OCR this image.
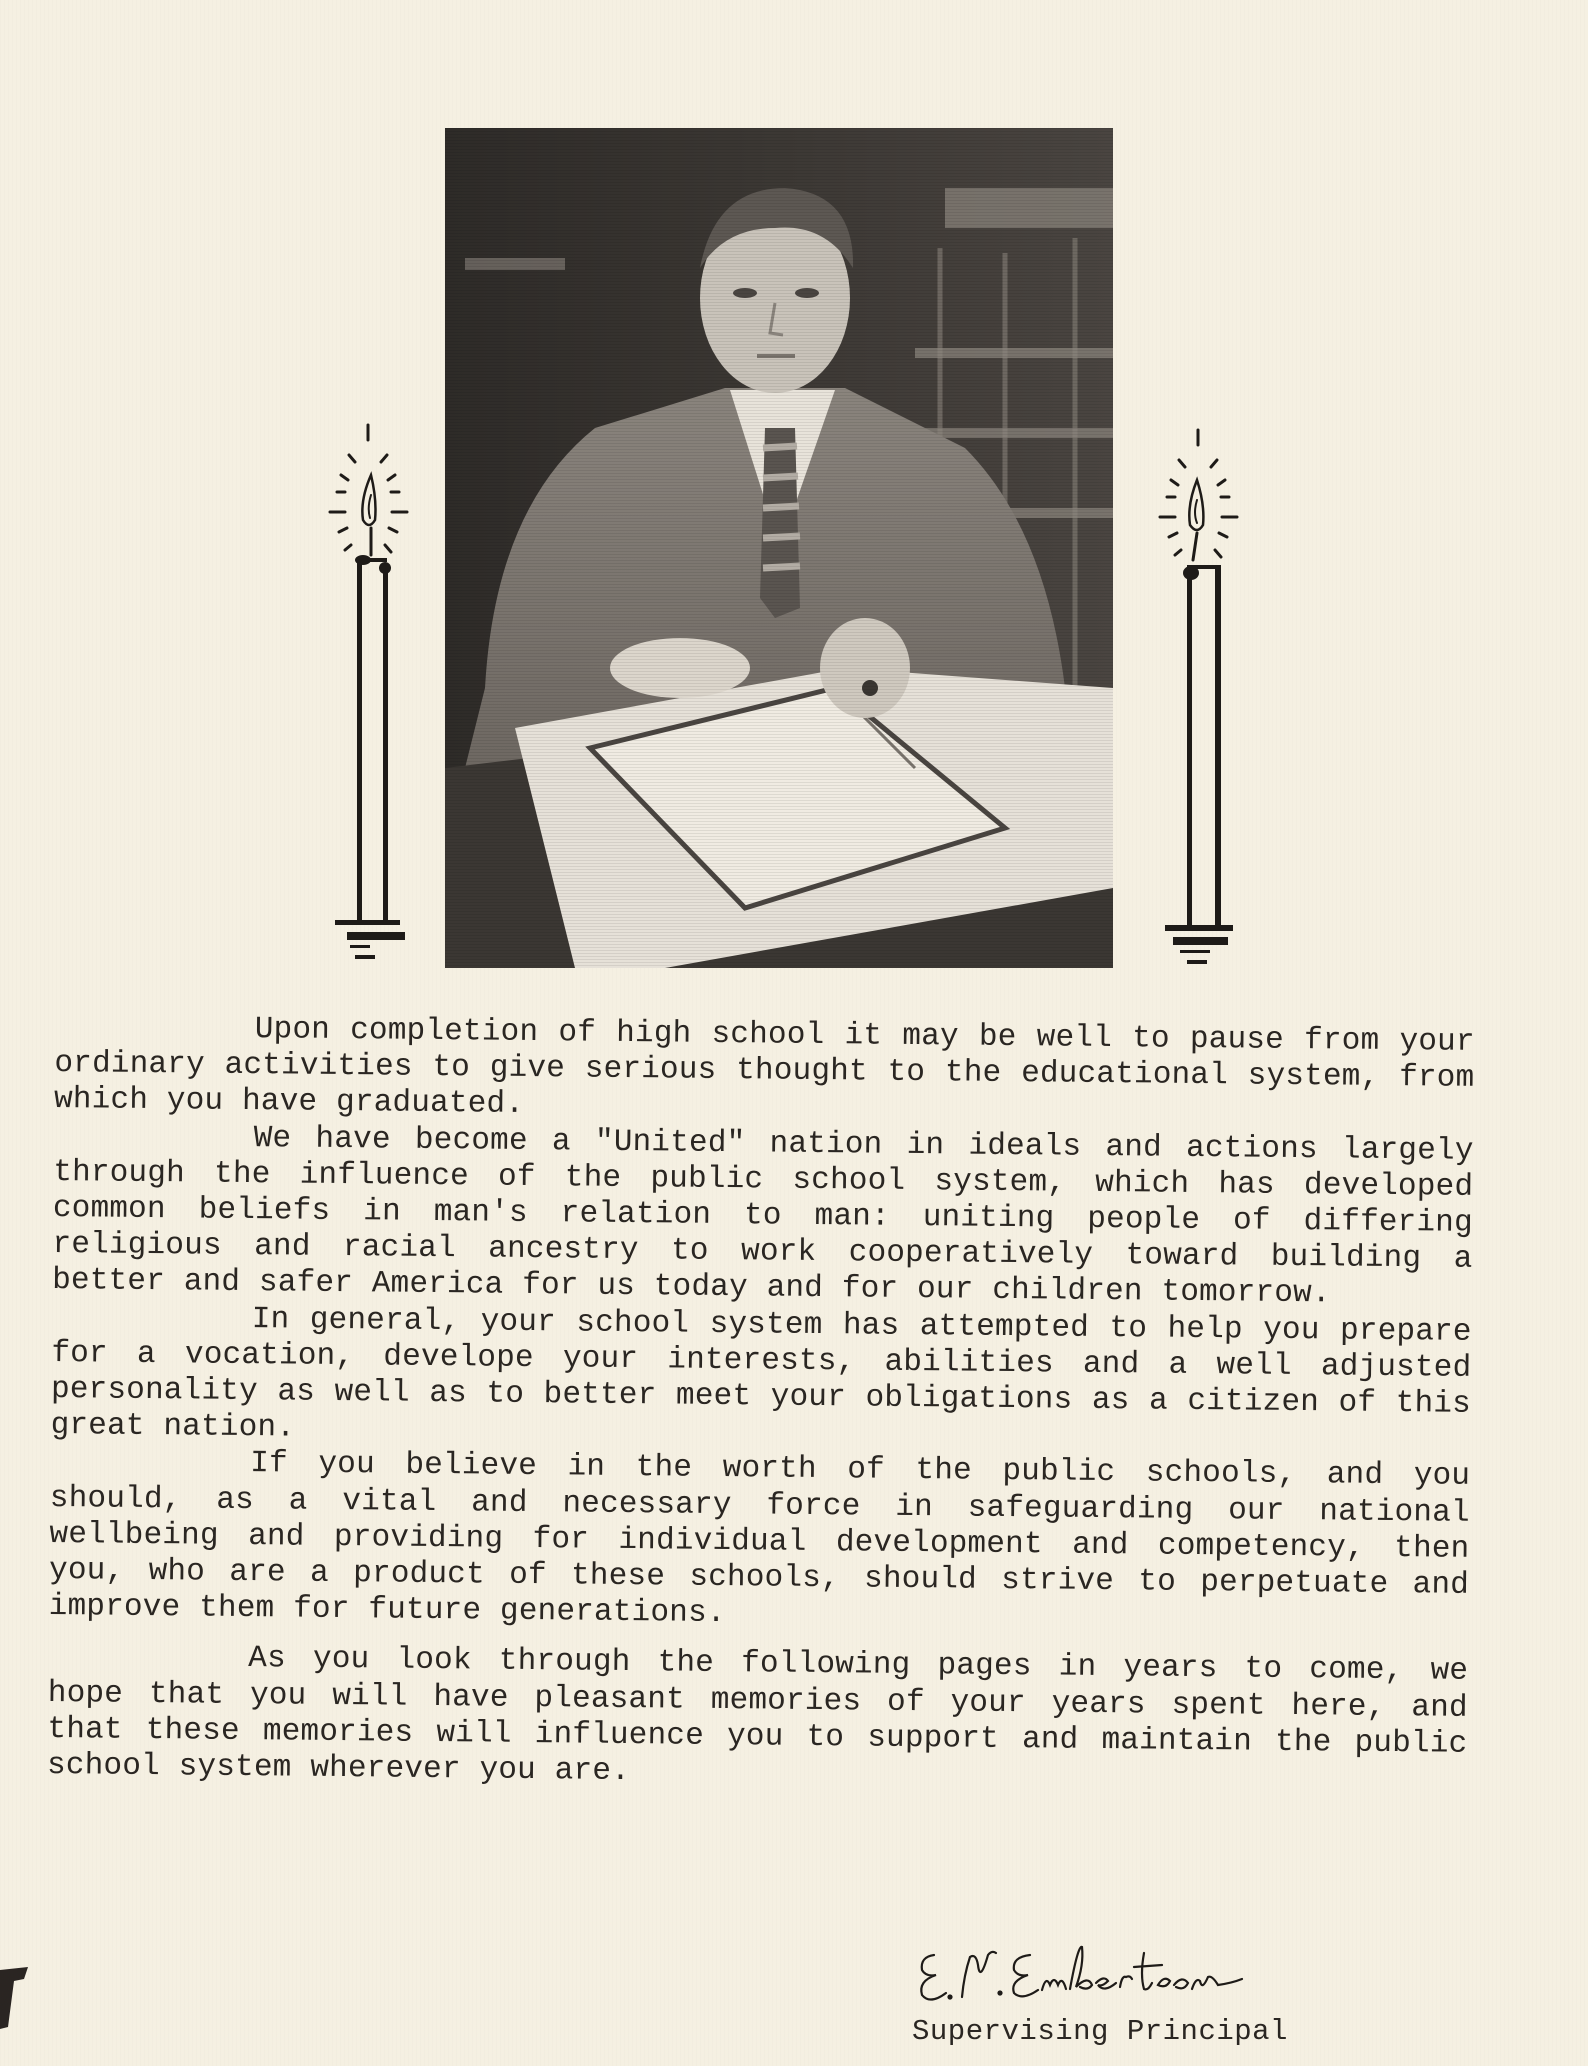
Upon completion of high school it may be well to pause from your ordinary activities to give serious thought to the educational system, from which you have graduated.

We have become a "United" nation in ideals and actions largely through the influence of the public school system, which has developed common beliefs in man's relation to man: uniting people of differing religious and racial ancestry to work cooperatively toward building a better and safer America for us today and for our children tomorrow.

In general, your school system has attempted to help you prepare for a vocation, develope your interests, abilities and a well adjusted personality as well as to better meet your obligations as a citizen of this great nation.

If you believe in the worth of the public schools, and you should, as a vital and necessary force in safeguarding our national wellbeing and providing for individual development and competency, then you, who are a product of these schools, should strive to perpetuate and improve them for future generations.

As you look through the following pages in years to come, we hope that you will have pleasant memories of your years spent here, and that these memories will influence you to support and maintain the public school system wherever you are.

Supervising Principal
